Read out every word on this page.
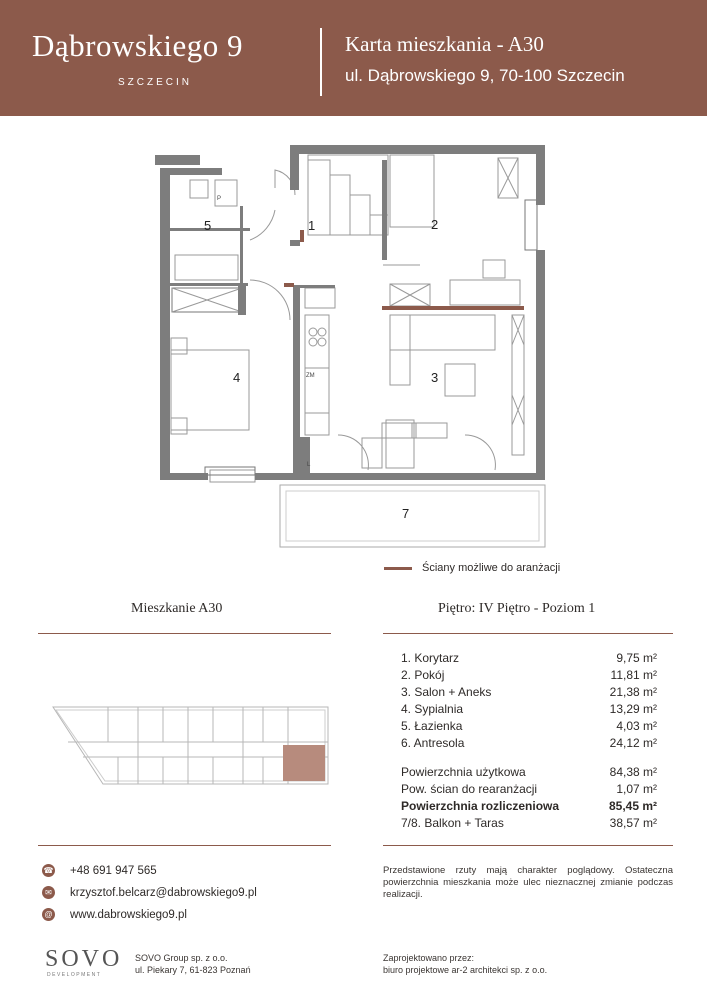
Dąbrowskiego 9
SZCZECIN
Karta mieszkania - A30
ul. Dąbrowskiego 9, 70-100 Szczecin
5	1	2
4	3
7
ZM
P
L
Ściany możliwe do aranżacji
Mieszkanie A30	Piętro: IV Piętro - Poziom 1
1. Korytarz	9,75 m²
2. Pokój	11,81 m²
3. Salon + Aneks	21,38 m²
4. Sypialnia	13,29 m²
5. Łazienka	4,03 m²
6. Antresola	24,12 m²
Powierzchnia użytkowa	84,38 m²
Pow. ścian do rearanżacji	1,07 m²
Powierzchnia rozliczeniowa	85,45 m²
7/8. Balkon + Taras	38,57 m²
☎ +48 691 947 565
✉ krzysztof.belcarz@dabrowskiego9.pl
@ www.dabrowskiego9.pl
Przedstawione rzuty mają charakter poglądowy. Ostateczna powierzchnia mieszkania może ulec nieznacznej zmianie podczas realizacji.
SOVO
DEVELOPMENT
SOVO Group sp. z o.o.
ul. Piekary 7, 61-823 Poznań
Zaprojektowano przez:
biuro projektowe ar-2 architekci sp. z o.o.
